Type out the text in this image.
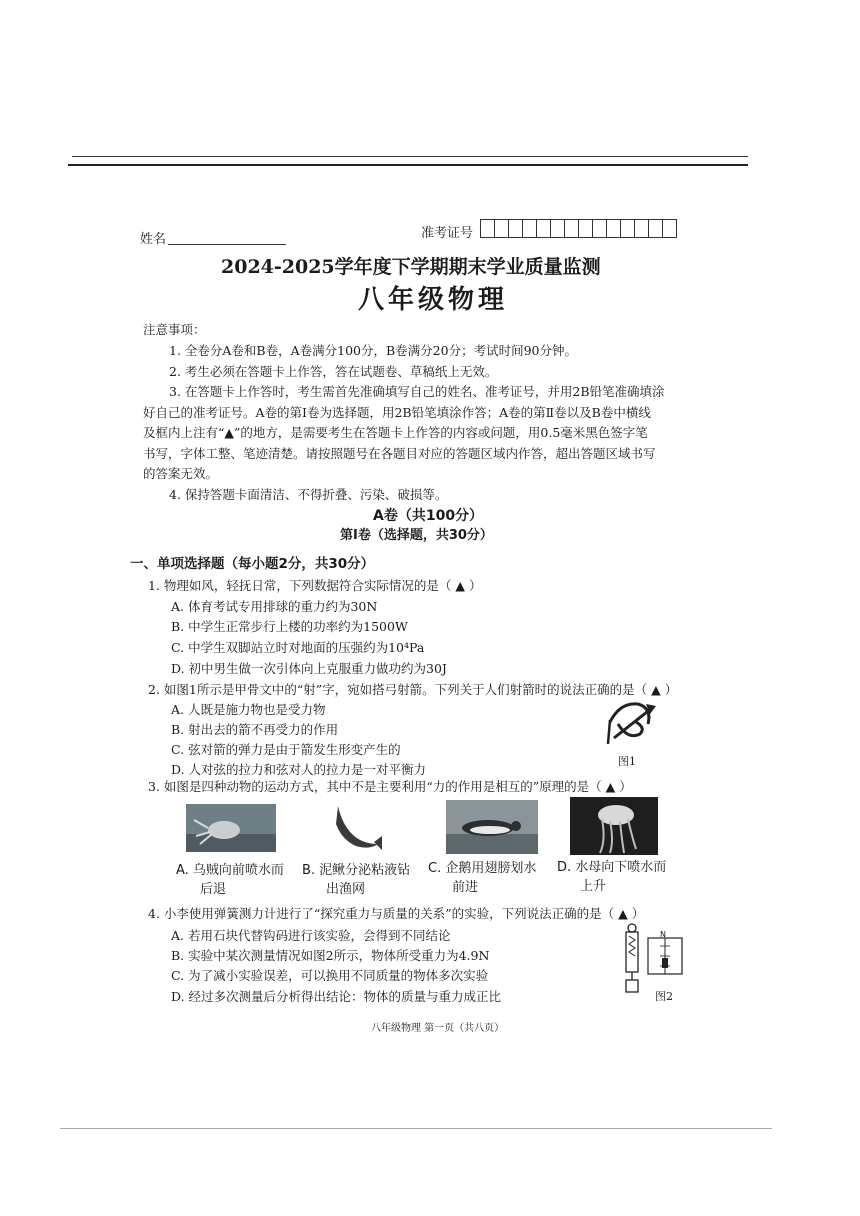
姓名	准考证号
2024-2025学年度下学期期末学业质量监测
八年级物理
注意事项：
1. 全卷分A卷和B卷，A卷满分100分，B卷满分20分；考试时间90分钟。
2. 考生必须在答题卡上作答，答在试题卷、草稿纸上无效。
3. 在答题卡上作答时，考生需首先准确填写自己的姓名、准考证号，并用2B铅笔准确填涂
好自己的准考证号。A卷的第Ⅰ卷为选择题，用2B铅笔填涂作答；A卷的第Ⅱ卷以及B卷中横线
及框内上注有“▲”的地方，是需要考生在答题卡上作答的内容或问题，用0.5毫米黑色签字笔
书写，字体工整、笔迹清楚。请按照题号在各题目对应的答题区域内作答，超出答题区域书写
的答案无效。
4. 保持答题卡面清洁、不得折叠、污染、破损等。
A卷（共100分）
第Ⅰ卷（选择题，共30分）
一、单项选择题（每小题2分，共30分）
1. 物理如风，轻抚日常，下列数据符合实际情况的是（ ▲ ）
A. 体育考试专用排球的重力约为30N
B. 中学生正常步行上楼的功率约为1500W
C. 中学生双脚站立时对地面的压强约为10⁴Pa
D. 初中男生做一次引体向上克服重力做功约为30J
2. 如图1所示是甲骨文中的“射”字，宛如搭弓射箭。下列关于人们射箭时的说法正确的是（ ▲ ）
A. 人既是施力物也是受力物
B. 射出去的箭不再受力的作用
C. 弦对箭的弹力是由于箭发生形变产生的
D. 人对弦的拉力和弦对人的拉力是一对平衡力
图1
3. 如图是四种动物的运动方式，其中不是主要利用“力的作用是相互的”原理的是（ ▲ ）
A. 乌贼向前喷水而
后退
B. 泥鳅分泌粘液钻
出渔网
C. 企鹅用翅膀划水
前进
D. 水母向下喷水而
上升
4. 小李使用弹簧测力计进行了“探究重力与质量的关系”的实验，下列说法正确的是（ ▲ ）
A. 若用石块代替钩码进行该实验，会得到不同结论
B. 实验中某次测量情况如图2所示，物体所受重力为4.9N
C. 为了减小实验误差，可以换用不同质量的物体多次实验
D. 经过多次测量后分析得出结论：物体的质量与重力成正比
N
图2
八年级物理 第一页（共八页）
